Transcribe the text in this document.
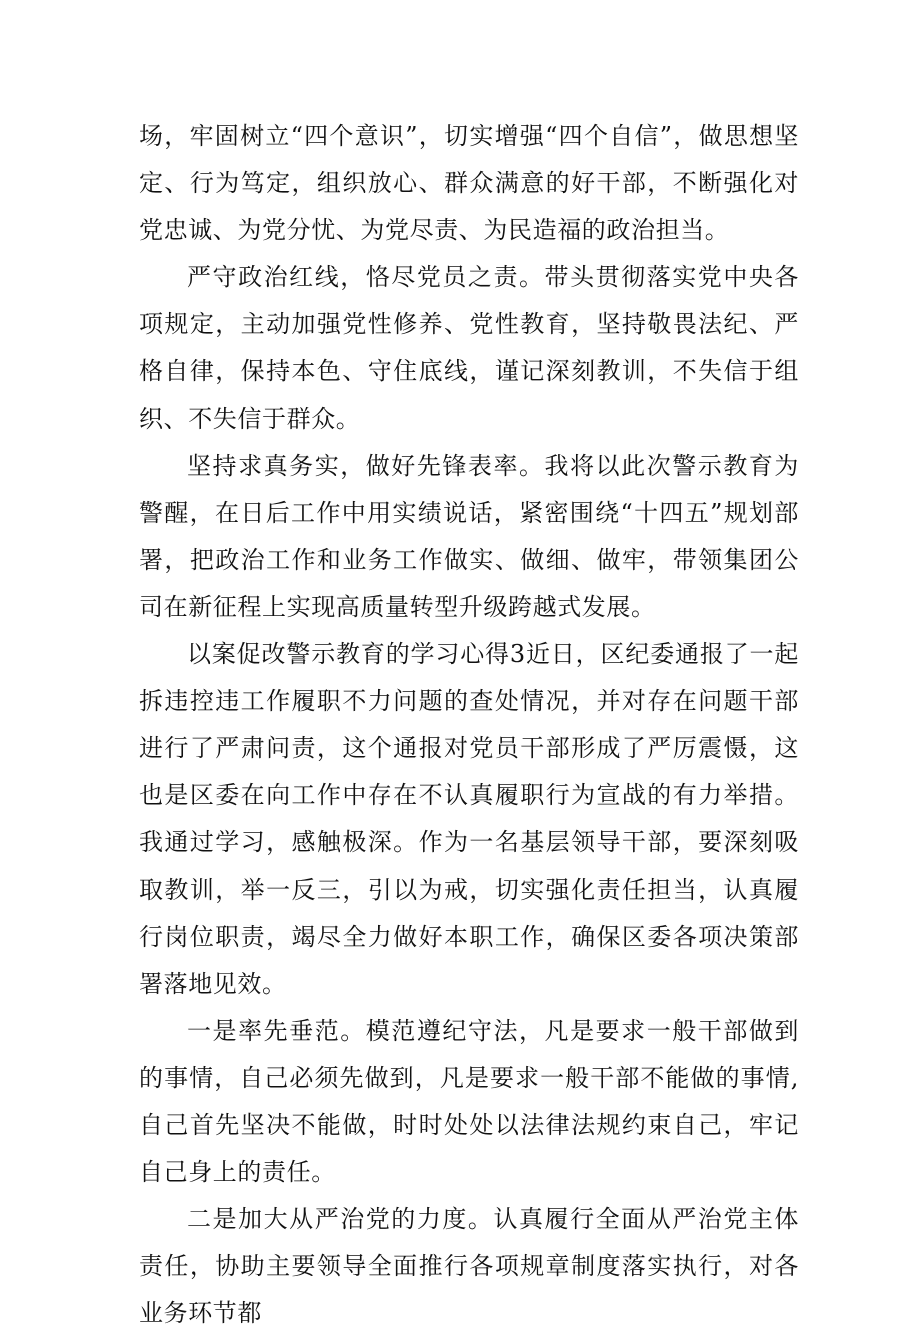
场，牢固树立“四个意识”，切实增强“四个自信”，做思想坚定、行为笃定，组织放心、群众满意的好干部，不断强化对党忠诚、为党分忧、为党尽责、为民造福的政治担当。

严守政治红线，恪尽党员之责。带头贯彻落实党中央各项规定，主动加强党性修养、党性教育，坚持敬畏法纪、严格自律，保持本色、守住底线，谨记深刻教训，不失信于组织、不失信于群众。

坚持求真务实，做好先锋表率。我将以此次警示教育为警醒，在日后工作中用实绩说话，紧密围绕“十四五”规划部署，把政治工作和业务工作做实、做细、做牢，带领集团公司在新征程上实现高质量转型升级跨越式发展。

以案促改警示教育的学习心得3近日，区纪委通报了一起拆违控违工作履职不力问题的查处情况，并对存在问题干部进行了严肃问责，这个通报对党员干部形成了严厉震慑，这也是区委在向工作中存在不认真履职行为宣战的有力举措。我通过学习，感触极深。作为一名基层领导干部，要深刻吸取教训，举一反三，引以为戒，切实强化责任担当，认真履行岗位职责，竭尽全力做好本职工作，确保区委各项决策部署落地见效。

一是率先垂范。模范遵纪守法，凡是要求一般干部做到的事情，自己必须先做到，凡是要求一般干部不能做的事情,自己首先坚决不能做，时时处处以法律法规约束自己，牢记自己身上的责任。

二是加大从严治党的力度。认真履行全面从严治党主体责任，协助主要领导全面推行各项规章制度落实执行，对各业务环节都
